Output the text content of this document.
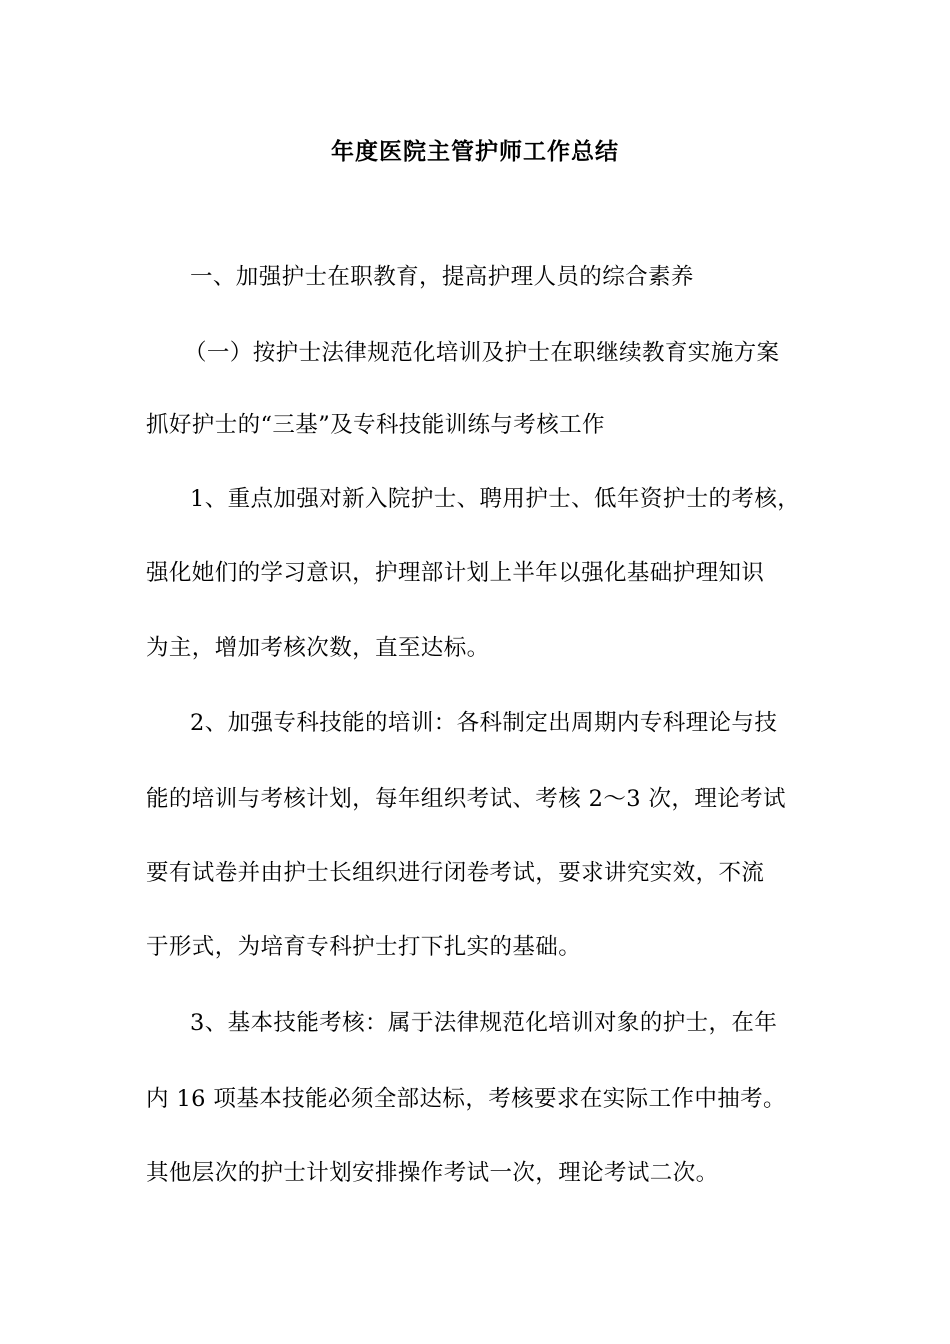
年度医院主管护师工作总结
一、加强护士在职教育，提高护理人员的综合素养
（一）按护士法律规范化培训及护士在职继续教育实施方案
抓好护士的“三基”及专科技能训练与考核工作
1、重点加强对新入院护士、聘用护士、低年资护士的考核，
强化她们的学习意识，护理部计划上半年以强化基础护理知识
为主，增加考核次数，直至达标。
2、加强专科技能的培训：各科制定出周期内专科理论与技
能的培训与考核计划，每年组织考试、考核 2～3 次，理论考试
要有试卷并由护士长组织进行闭卷考试，要求讲究实效，不流
于形式，为培育专科护士打下扎实的基础。
3、基本技能考核：属于法律规范化培训对象的护士，在年
内 16 项基本技能必须全部达标，考核要求在实际工作中抽考。
其他层次的护士计划安排操作考试一次，理论考试二次。
